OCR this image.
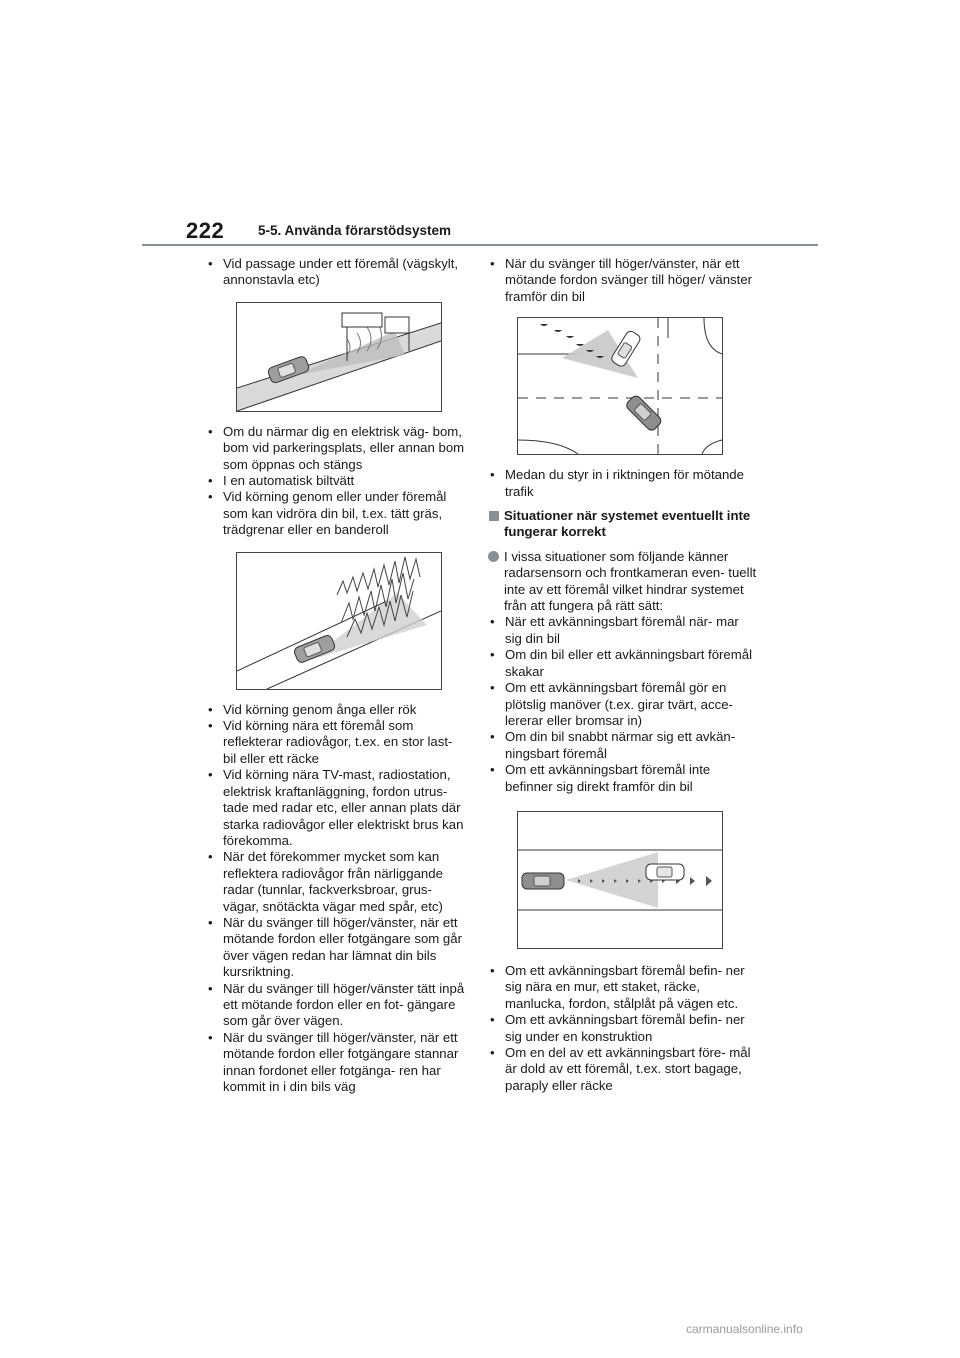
222	5-5. Använda förarstödsystem
• Vid passage under ett föremål (vägskylt, annonstavla etc)
• Om du närmar dig en elektrisk väg- bom, bom vid parkeringsplats, eller annan bom som öppnas och stängs
• I en automatisk biltvätt
• Vid körning genom eller under föremål som kan vidröra din bil, t.ex. tätt gräs, trädgrenar eller en banderoll
• Vid körning genom ånga eller rök
• Vid körning nära ett föremål som reflekterar radiovågor, t.ex. en stor last- bil eller ett räcke
• Vid körning nära TV-mast, radiostation, elektrisk kraftanläggning, fordon utrus- tade med radar etc, eller annan plats där starka radiovågor eller elektriskt brus kan förekomma.
• När det förekommer mycket som kan reflektera radiovågor från närliggande radar (tunnlar, fackverksbroar, grus- vägar, snötäckta vägar med spår, etc)
• När du svänger till höger/vänster, när ett mötande fordon eller fotgängare som går över vägen redan har lämnat din bils kursriktning.
• När du svänger till höger/vänster tätt inpå ett mötande fordon eller en fot- gängare som går över vägen.
• När du svänger till höger/vänster, när ett mötande fordon eller fotgängare stannar innan fordonet eller fotgänga- ren har kommit in i din bils väg
• När du svänger till höger/vänster, när ett mötande fordon svänger till höger/ vänster framför din bil
• Medan du styr in i riktningen för mötande trafik
Situationer när systemet eventuellt inte fungerar korrekt

I vissa situationer som följande känner radarsensorn och frontkameran even- tuellt inte av ett föremål vilket hindrar systemet från att fungera på rätt sätt:

• När ett avkänningsbart föremål när- mar sig din bil
• Om din bil eller ett avkänningsbart föremål skakar
• Om ett avkänningsbart föremål gör en plötslig manöver (t.ex. girar tvärt, acce- lererar eller bromsar in)
• Om din bil snabbt närmar sig ett avkän- ningsbart föremål
• Om ett avkänningsbart föremål inte befinner sig direkt framför din bil
• Om ett avkänningsbart föremål befin- ner sig nära en mur, ett staket, räcke, manlucka, fordon, stålplåt på vägen etc.
• Om ett avkänningsbart föremål befin- ner sig under en konstruktion
• Om en del av ett avkänningsbart före- mål är dold av ett föremål, t.ex. stort bagage, paraply eller räcke
carmanualsonline.info
